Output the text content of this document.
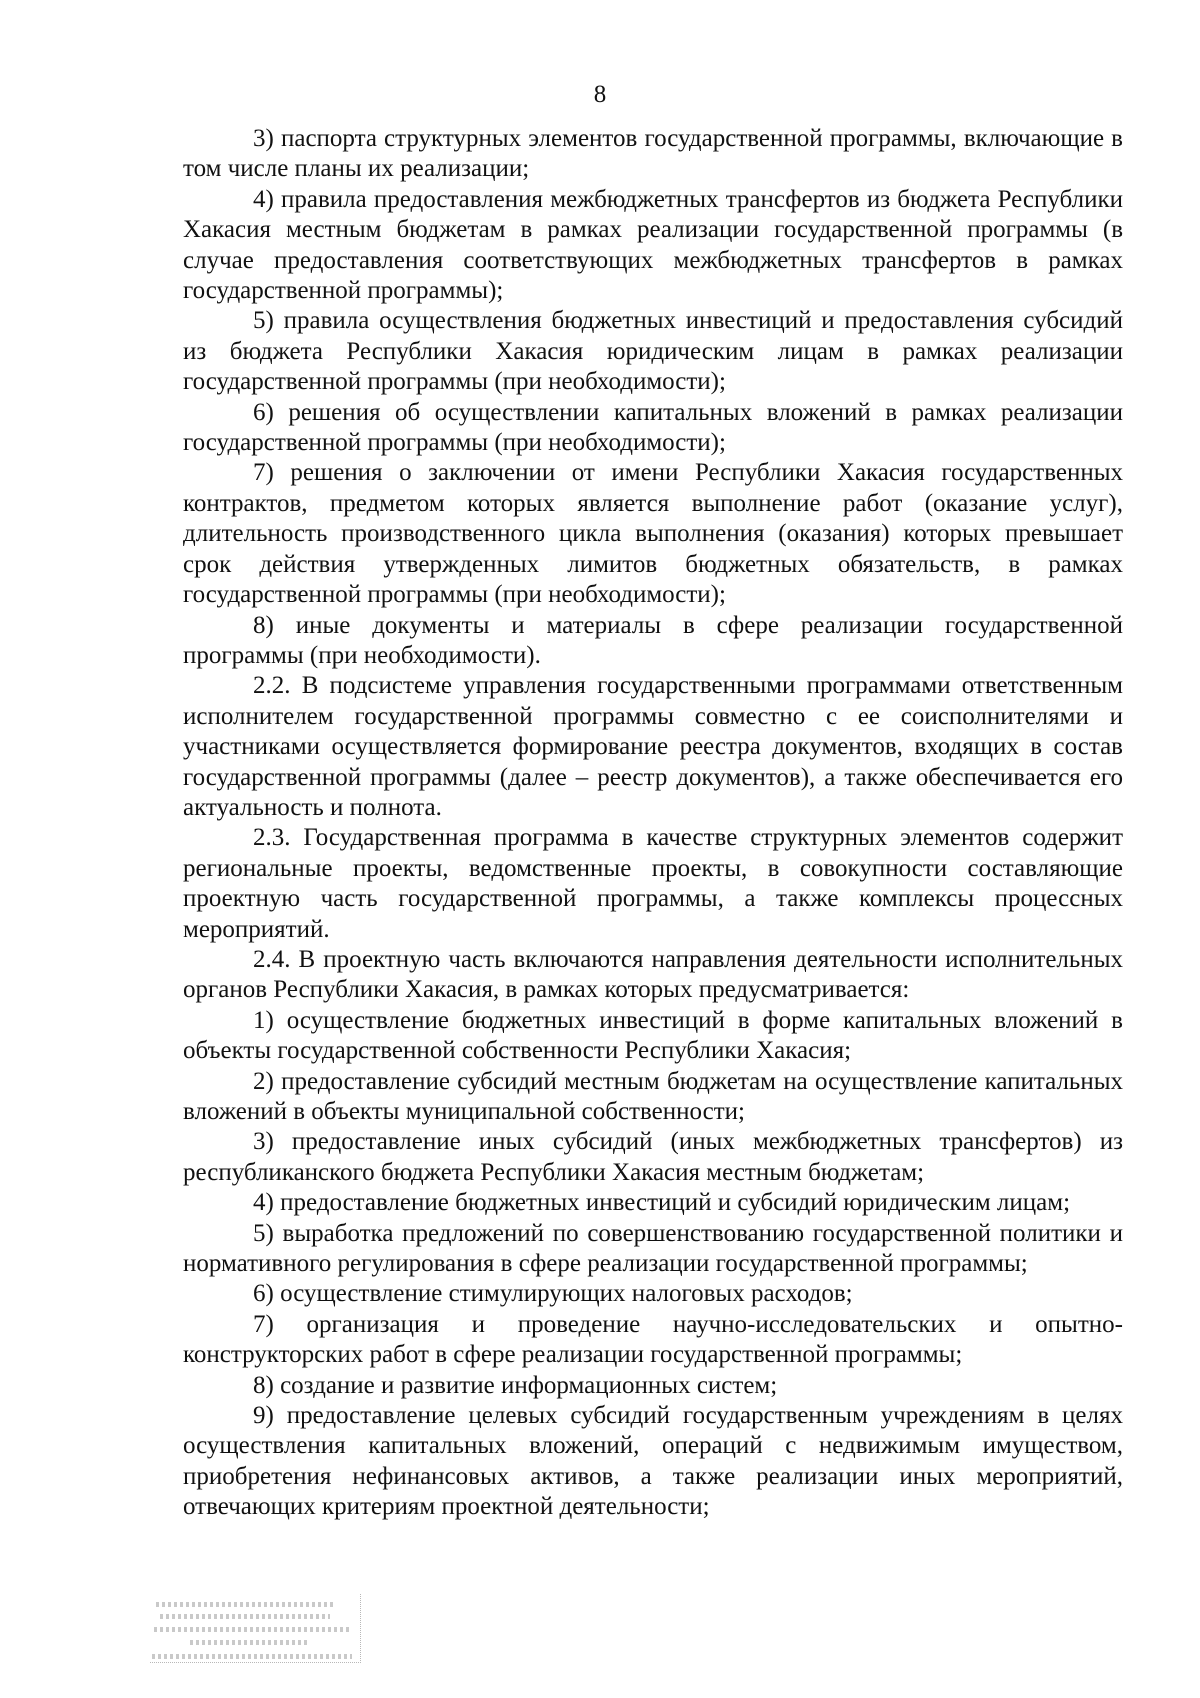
8

3) паспорта структурных элементов государственной программы, включающие в том числе планы их реализации;

4) правила предоставления межбюджетных трансфертов из бюджета Республики Хакасия местным бюджетам в рамках реализации государственной программы (в случае предоставления соответствующих межбюджетных трансфертов в рамках государственной программы);

5) правила осуществления бюджетных инвестиций и предоставления субсидий из бюджета Республики Хакасия юридическим лицам в рамках реализации государственной программы (при необходимости);

6) решения об осуществлении капитальных вложений в рамках реализации государственной программы (при необходимости);

7) решения о заключении от имени Республики Хакасия государственных контрактов, предметом которых является выполнение работ (оказание услуг), длительность производственного цикла выполнения (оказания) которых превышает срок действия утвержденных лимитов бюджетных обязательств, в рамках государственной программы (при необходимости);

8) иные документы и материалы в сфере реализации государственной программы (при необходимости).

2.2. В подсистеме управления государственными программами ответственным исполнителем государственной программы совместно с ее соисполнителями и участниками осуществляется формирование реестра документов, входящих в состав государственной программы (далее – реестр документов), а также обеспечивается его актуальность и полнота.

2.3. Государственная программа в качестве структурных элементов содержит региональные проекты, ведомственные проекты, в совокупности составляющие проектную часть государственной программы, а также комплексы процессных мероприятий.

2.4. В проектную часть включаются направления деятельности исполнительных органов Республики Хакасия, в рамках которых предусматривается:

1) осуществление бюджетных инвестиций в форме капитальных вложений в объекты государственной собственности Республики Хакасия;

2) предоставление субсидий местным бюджетам на осуществление капитальных вложений в объекты муниципальной собственности;

3) предоставление иных субсидий (иных межбюджетных трансфертов) из республиканского бюджета Республики Хакасия местным бюджетам;

4) предоставление бюджетных инвестиций и субсидий юридическим лицам;

5) выработка предложений по совершенствованию государственной политики и нормативного регулирования в сфере реализации государственной программы;

6) осуществление стимулирующих налоговых расходов;

7) организация и проведение научно-исследовательских и опытно-конструкторских работ в сфере реализации государственной программы;

8) создание и развитие информационных систем;

9) предоставление целевых субсидий государственным учреждениям в целях осуществления капитальных вложений, операций с недвижимым имуществом, приобретения нефинансовых активов, а также реализации иных мероприятий, отвечающих критериям проектной деятельности;
